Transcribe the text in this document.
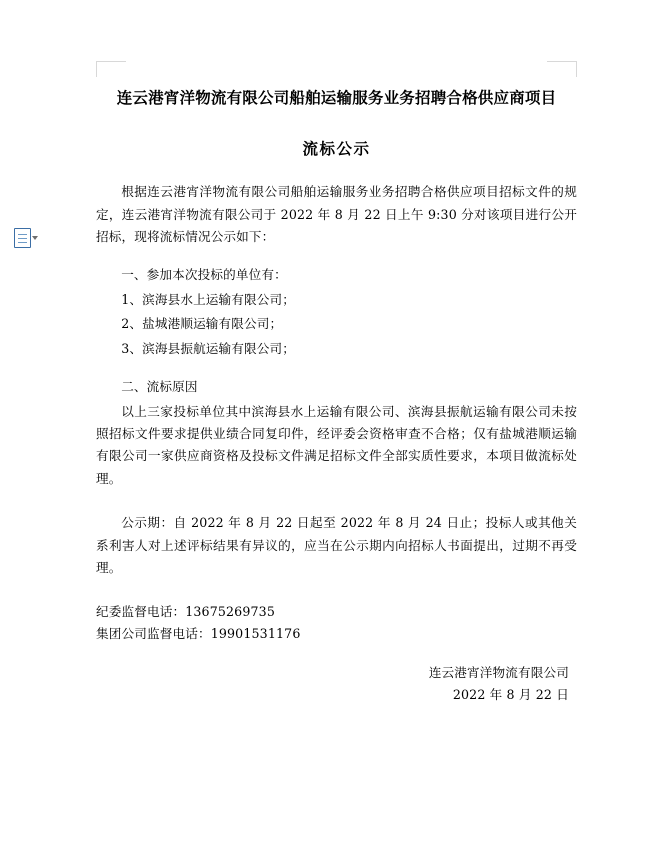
连云港宵洋物流有限公司船舶运输服务业务招聘合格供应商项目
流标公示

根据连云港宵洋物流有限公司船舶运输服务业务招聘合格供应项目招标文件的规定，连云港宵洋物流有限公司于 2022 年 8 月 22 日上午 9:30 分对该项目进行公开招标，现将流标情况公示如下：

一、参加本次投标的单位有：

1、滨海县水上运输有限公司；

2、盐城港顺运输有限公司；

3、滨海县振航运输有限公司；

二、流标原因

以上三家投标单位其中滨海县水上运输有限公司、滨海县振航运输有限公司未按照招标文件要求提供业绩合同复印件，经评委会资格审查不合格；仅有盐城港顺运输有限公司一家供应商资格及投标文件满足招标文件全部实质性要求，本项目做流标处理。

公示期：自 2022 年 8 月 22 日起至 2022 年 8 月 24 日止；投标人或其他关系利害人对上述评标结果有异议的，应当在公示期内向招标人书面提出，过期不再受理。

纪委监督电话：13675269735

集团公司监督电话：19901531176

连云港宵洋物流有限公司
2022 年 8 月 22 日
